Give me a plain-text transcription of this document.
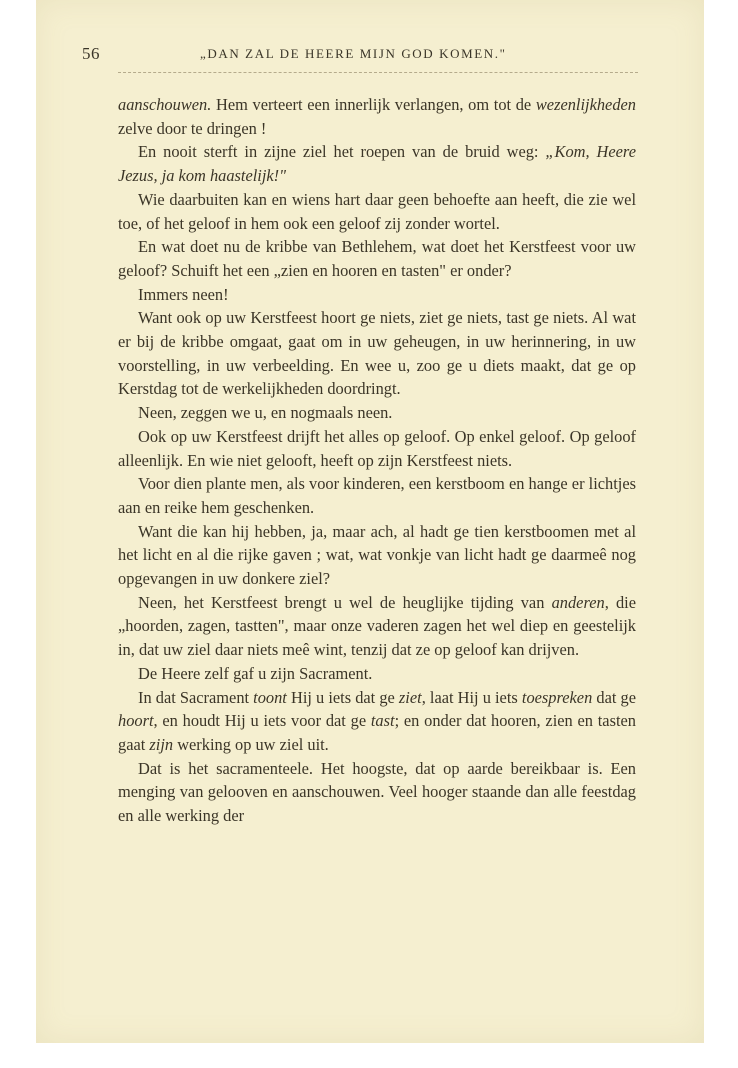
56	„DAN ZAL DE HEERE MIJN GOD KOMEN."

aanschouwen. Hem verteert een innerlijk verlangen, om tot de wezenlijkheden zelve door te dringen !

En nooit sterft in zijne ziel het roepen van de bruid weg: „Kom, Heere Jezus, ja kom haastelijk!"

Wie daarbuiten kan en wiens hart daar geen behoefte aan heeft, die zie wel toe, of het geloof in hem ook een geloof zij zonder wortel.

En wat doet nu de kribbe van Bethlehem, wat doet het Kerstfeest voor uw geloof? Schuift het een „zien en hooren en tasten" er onder?

Immers neen!

Want ook op uw Kerstfeest hoort ge niets, ziet ge niets, tast ge niets. Al wat er bij de kribbe omgaat, gaat om in uw geheugen, in uw herinnering, in uw voorstelling, in uw verbeelding. En wee u, zoo ge u diets maakt, dat ge op Kerstdag tot de werkelijkheden doordringt.

Neen, zeggen we u, en nogmaals neen.

Ook op uw Kerstfeest drijft het alles op geloof. Op enkel geloof. Op geloof alleenlijk. En wie niet gelooft, heeft op zijn Kerstfeest niets.

Voor dien plante men, als voor kinderen, een kerstboom en hange er lichtjes aan en reike hem geschenken.

Want die kan hij hebben, ja, maar ach, al hadt ge tien kerstboomen met al het licht en al die rijke gaven ; wat, wat vonkje van licht hadt ge daarmeê nog opgevangen in uw donkere ziel?

Neen, het Kerstfeest brengt u wel de heuglijke tijding van anderen, die „hoorden, zagen, tastten", maar onze vaderen zagen het wel diep en geestelijk in, dat uw ziel daar niets meê wint, tenzij dat ze op geloof kan drijven.

De Heere zelf gaf u zijn Sacrament.

In dat Sacrament toont Hij u iets dat ge ziet, laat Hij u iets toespreken dat ge hoort, en houdt Hij u iets voor dat ge tast; en onder dat hooren, zien en tasten gaat zijn werking op uw ziel uit.

Dat is het sacramenteele. Het hoogste, dat op aarde bereikbaar is. Een menging van gelooven en aanschouwen. Veel hooger staande dan alle feestdag en alle werking der
